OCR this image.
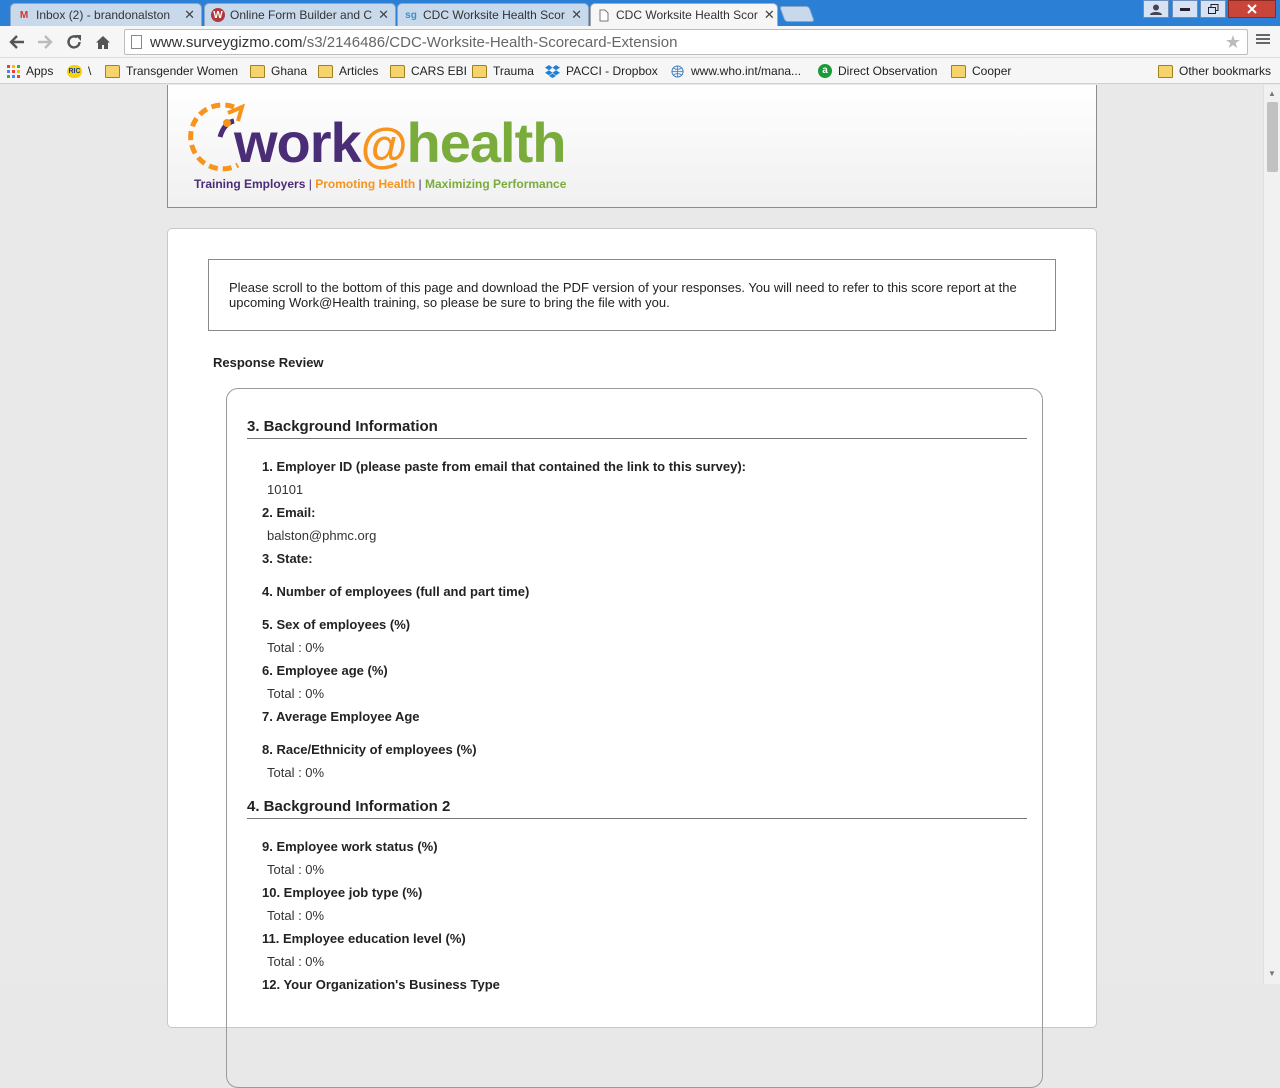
M Inbox (2) - brandonalston	✕ W Online Form Builder and C ✕ sg CDC Worksite Health Scor ✕	CDC Worksite Health Scor ✕
www.surveygizmo.com/s3/2146486/CDC-Worksite-Health-Scorecard-Extension	★
Apps RIC \	Transgender Women	Ghana	Articles	CARS EBI Trauma	PACCI - Dropbox	www.who.int/mana...	a Direct Observation	Cooper	Other bookmarks
work@health
Training Employers | Promoting Health | Maximizing Performance
Please scroll to the bottom of this page and download the PDF version of your responses. You will need to refer to this score report at the upcoming Work@Health training, so please be sure to bring the file with you.
Response Review
3. Background Information
1. Employer ID (please paste from email that contained the link to this survey):
10101
2. Email:
balston@phmc.org
3. State:
4. Number of employees (full and part time)
5. Sex of employees (%)
Total : 0%
6. Employee age (%)
Total : 0%
7. Average Employee Age
8. Race/Ethnicity of employees (%)
Total : 0%
4. Background Information 2
9. Employee work status (%)
Total : 0%
10. Employee job type (%)
Total : 0%
11. Employee education level (%)
Total : 0%
12. Your Organization's Business Type
▲
▼
